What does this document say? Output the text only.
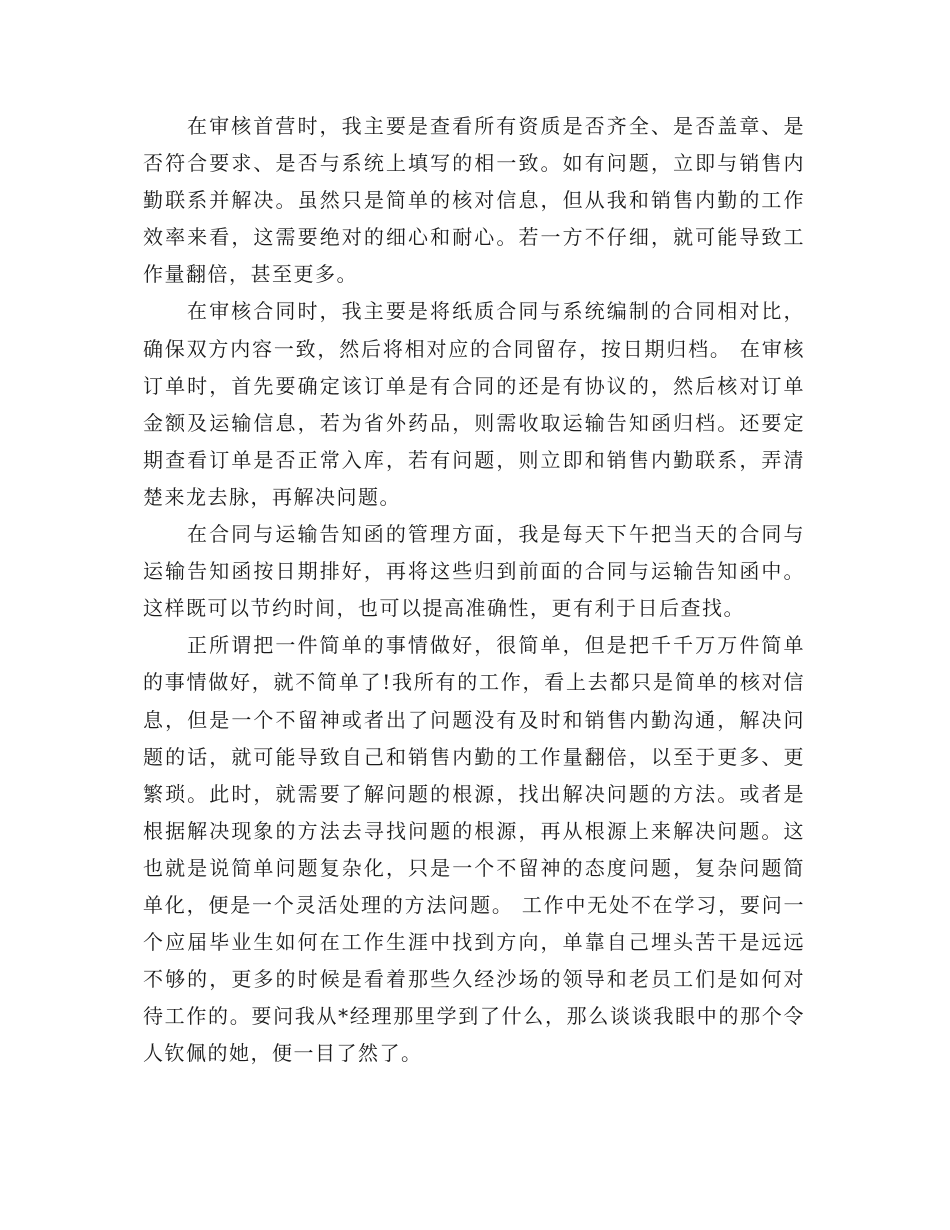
在审核首营时，我主要是查看所有资质是否齐全、是否盖章、是否符合要求、是否与系统上填写的相一致。如有问题，立即与销售内勤联系并解决。虽然只是简单的核对信息，但从我和销售内勤的工作效率来看，这需要绝对的细心和耐心。若一方不仔细，就可能导致工作量翻倍，甚至更多。

在审核合同时，我主要是将纸质合同与系统编制的合同相对比，确保双方内容一致，然后将相对应的合同留存，按日期归档。 在审核订单时，首先要确定该订单是有合同的还是有协议的，然后核对订单金额及运输信息，若为省外药品，则需收取运输告知函归档。还要定期查看订单是否正常入库，若有问题，则立即和销售内勤联系，弄清楚来龙去脉，再解决问题。

在合同与运输告知函的管理方面，我是每天下午把当天的合同与运输告知函按日期排好，再将这些归到前面的合同与运输告知函中。这样既可以节约时间，也可以提高准确性，更有利于日后查找。

正所谓把一件简单的事情做好，很简单，但是把千千万万件简单的事情做好，就不简单了!我所有的工作，看上去都只是简单的核对信息，但是一个不留神或者出了问题没有及时和销售内勤沟通，解决问题的话，就可能导致自己和销售内勤的工作量翻倍，以至于更多、更繁琐。此时，就需要了解问题的根源，找出解决问题的方法。或者是根据解决现象的方法去寻找问题的根源，再从根源上来解决问题。这也就是说简单问题复杂化，只是一个不留神的态度问题，复杂问题简单化，便是一个灵活处理的方法问题。 工作中无处不在学习，要问一个应届毕业生如何在工作生涯中找到方向，单靠自己埋头苦干是远远不够的，更多的时候是看着那些久经沙场的领导和老员工们是如何对待工作的。要问我从*经理那里学到了什么，那么谈谈我眼中的那个令人钦佩的她，便一目了然了。
